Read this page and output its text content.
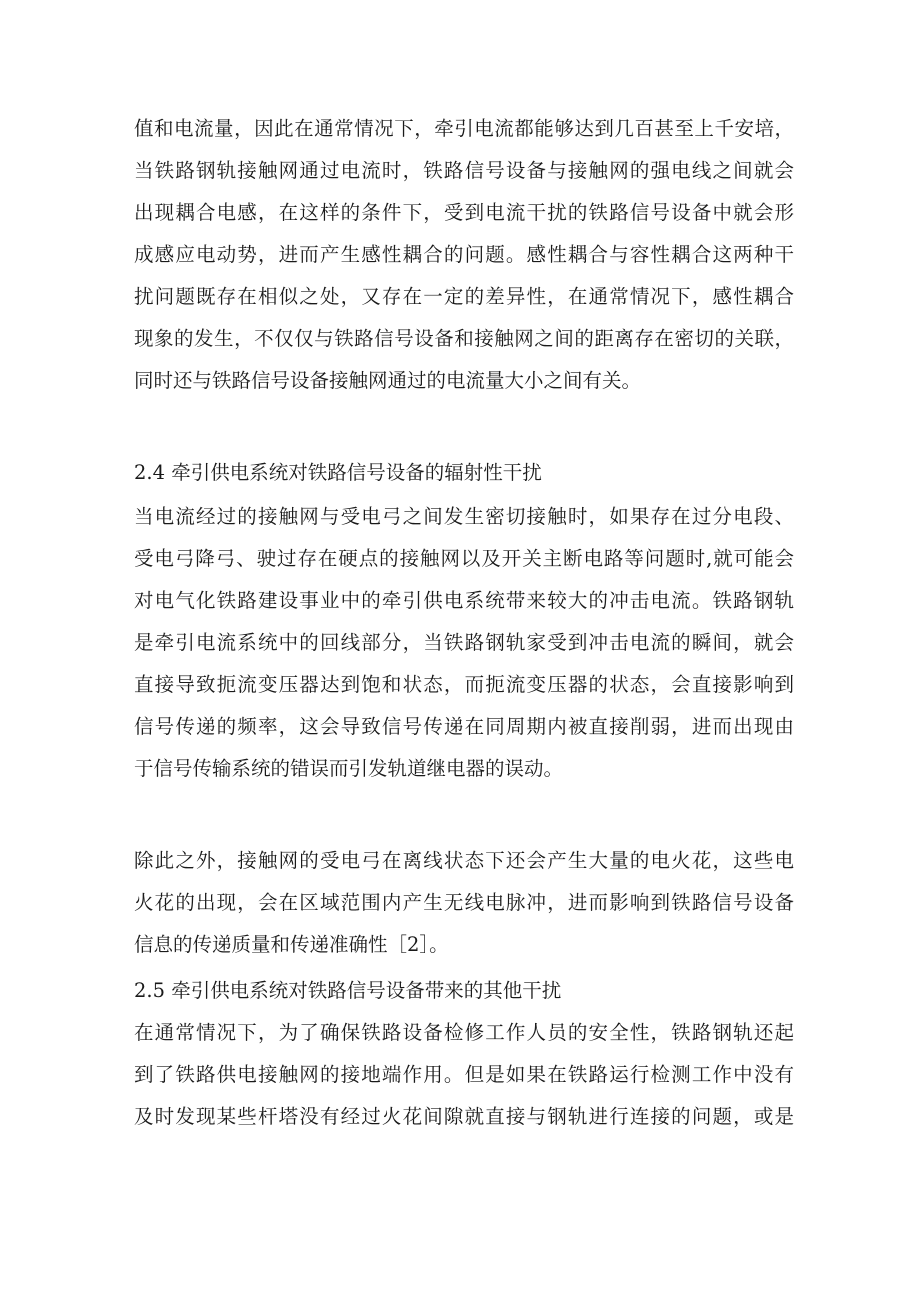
值和电流量，因此在通常情况下，牵引电流都能够达到几百甚至上千安培，
当铁路钢轨接触网通过电流时，铁路信号设备与接触网的强电线之间就会
出现耦合电感，在这样的条件下，受到电流干扰的铁路信号设备中就会形
成感应电动势，进而产生感性耦合的问题。感性耦合与容性耦合这两种干
扰问题既存在相似之处，又存在一定的差异性，在通常情况下，感性耦合
现象的发生，不仅仅与铁路信号设备和接触网之间的距离存在密切的关联，
同时还与铁路信号设备接触网通过的电流量大小之间有关。
2.4 牵引供电系统对铁路信号设备的辐射性干扰
当电流经过的接触网与受电弓之间发生密切接触时，如果存在过分电段、
受电弓降弓、驶过存在硬点的接触网以及开关主断电路等问题时,就可能会
对电气化铁路建设事业中的牵引供电系统带来较大的冲击电流。铁路钢轨
是牵引电流系统中的回线部分，当铁路钢轨家受到冲击电流的瞬间，就会
直接导致扼流变压器达到饱和状态，而扼流变压器的状态，会直接影响到
信号传递的频率，这会导致信号传递在同周期内被直接削弱，进而出现由
于信号传输系统的错误而引发轨道继电器的误动。
除此之外，接触网的受电弓在离线状态下还会产生大量的电火花，这些电
火花的出现，会在区域范围内产生无线电脉冲，进而影响到铁路信号设备
信息的传递质量和传递准确性［2］。
2.5 牵引供电系统对铁路信号设备带来的其他干扰
在通常情况下，为了确保铁路设备检修工作人员的安全性，铁路钢轨还起
到了铁路供电接触网的接地端作用。但是如果在铁路运行检测工作中没有
及时发现某些杆塔没有经过火花间隙就直接与钢轨进行连接的问题，或是
